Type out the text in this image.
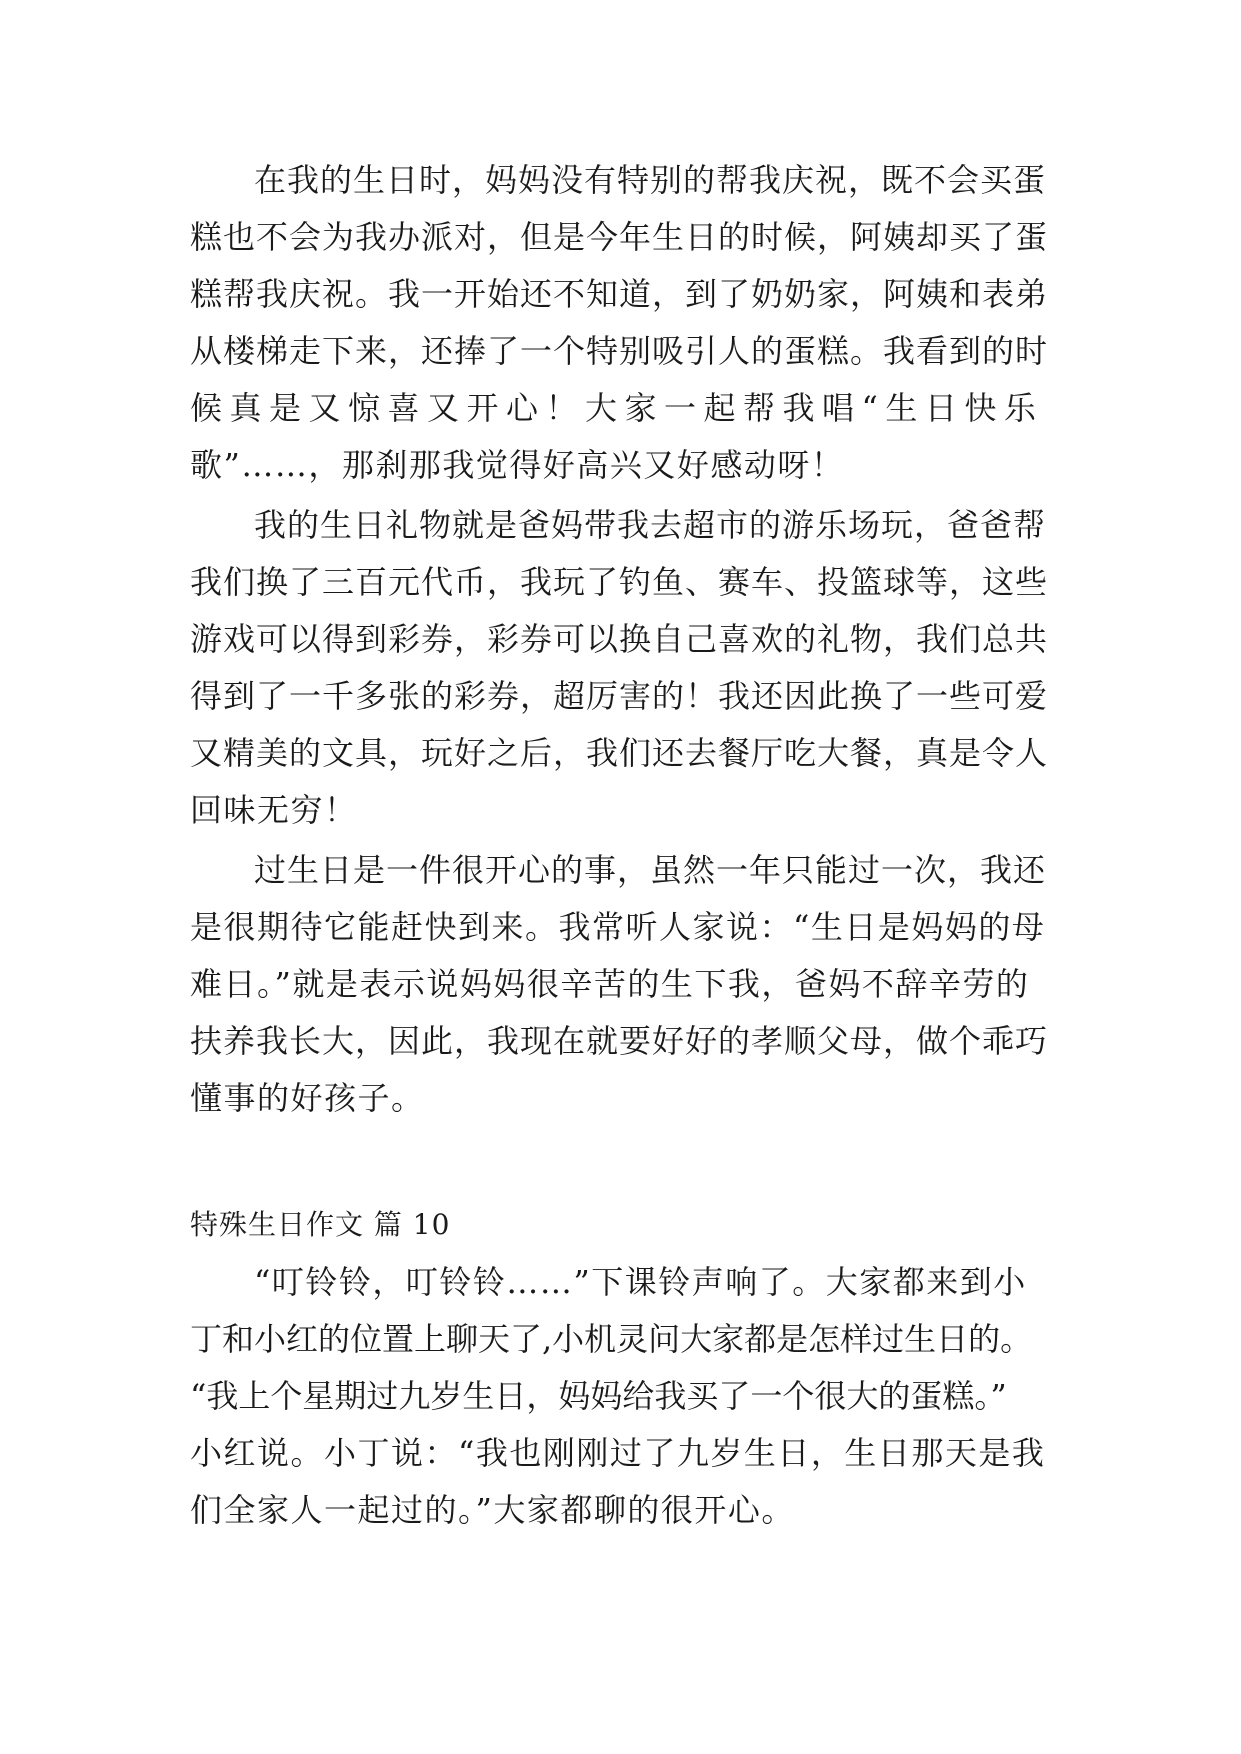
在我的生日时，妈妈没有特别的帮我庆祝，既不会买蛋
糕也不会为我办派对，但是今年生日的时候，阿姨却买了蛋
糕帮我庆祝。我一开始还不知道，到了奶奶家，阿姨和表弟
从楼梯走下来，还捧了一个特别吸引人的蛋糕。我看到的时
候真是又惊喜又开心！大家一起帮我唱“生日快乐
歌”……，那刹那我觉得好高兴又好感动呀！
我的生日礼物就是爸妈带我去超市的游乐场玩，爸爸帮
我们换了三百元代币，我玩了钓鱼、赛车、投篮球等，这些
游戏可以得到彩券，彩券可以换自己喜欢的礼物，我们总共
得到了一千多张的彩券，超厉害的！我还因此换了一些可爱
又精美的文具，玩好之后，我们还去餐厅吃大餐，真是令人
回味无穷！
过生日是一件很开心的事，虽然一年只能过一次，我还
是很期待它能赶快到来。我常听人家说：“生日是妈妈的母
难日。”就是表示说妈妈很辛苦的生下我，爸妈不辞辛劳的
扶养我长大，因此，我现在就要好好的孝顺父母，做个乖巧
懂事的好孩子。
特殊生日作文 篇 10
“叮铃铃，叮铃铃……”下课铃声响了。大家都来到小
丁和小红的位置上聊天了,小机灵问大家都是怎样过生日的。
“我上个星期过九岁生日，妈妈给我买了一个很大的蛋糕。”
小红说。小丁说：“我也刚刚过了九岁生日，生日那天是我
们全家人一起过的。”大家都聊的很开心。
